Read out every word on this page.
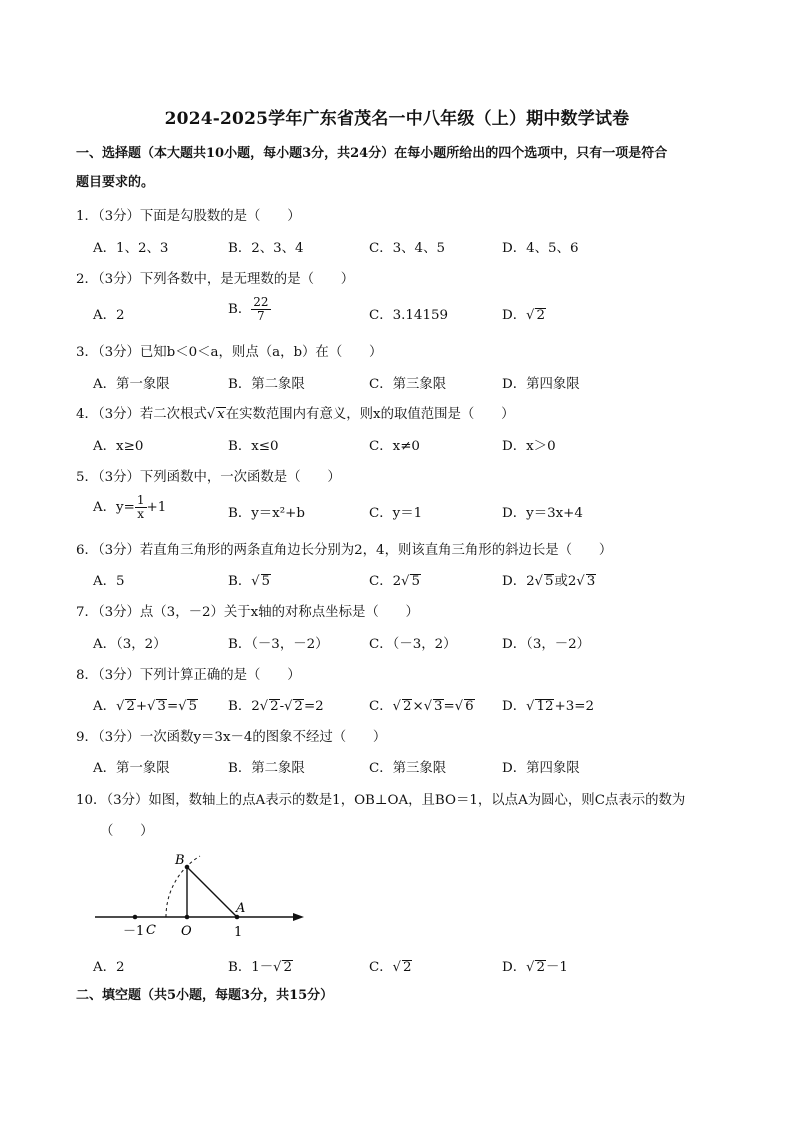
2024-2025学年广东省茂名一中八年级（上）期中数学试卷
一、选择题（本大题共10小题，每小题3分，共24分）在每小题所给出的四个选项中，只有一项是符合
题目要求的。
1．（3分）下面是勾股数的是（　　）
A．1、2、3	B．2、3、4	C．3、4、5	D．4、5、6
2．（3分）下列各数中，是无理数的是（　　）
A．2	B． $\frac{22}{7}$	C．3.14159	D．√ 2
3．（3分）已知b＜0＜a，则点（a，b）在（　　）
A．第一象限	B．第二象限	C．第三象限	D．第四象限
4．（3分）若二次根式√ x在实数范围内有意义，则x的取值范围是（　　）
A．x≥0	B．x≤0	C．x≠0	D．x＞0
5．（3分）下列函数中，一次函数是（　　）
A．$y= \frac{1}{x} +1$	B．y＝x²+b	C．y＝1	D．y＝3x+4
6．（3分）若直角三角形的两条直角边长分别为2，4，则该直角三角形的斜边长是（　　）
A．5	B．√ 5	C．2√ 5	D．2√ 5或2√ 3
7．（3分）点（3，－2）关于x轴的对称点坐标是（　　）
A．（3，2）	B．（－3，－2）	C．（－3，2）	D．（3，－2）
8．（3分）下列计算正确的是（　　）
A．√ 2+√ 3=√ 5 B．2√ 2-√ 2=2	C．√ 2×√ 3=√ 6 D．√ 12+3=2
9．（3分）一次函数y＝3x－4的图象不经过（　　）
A．第一象限	B．第二象限	C．第三象限	D．第四象限
10．（3分）如图，数轴上的点A表示的数是1，OB⊥OA，且BO＝1，以点A为圆心，则C点表示的数为
（　　）
B
A
－1 C O	1
A．2	B．1－√ 2	C．√ 2	D．√ 2－1
二、填空题（共5小题，每题3分，共15分）
